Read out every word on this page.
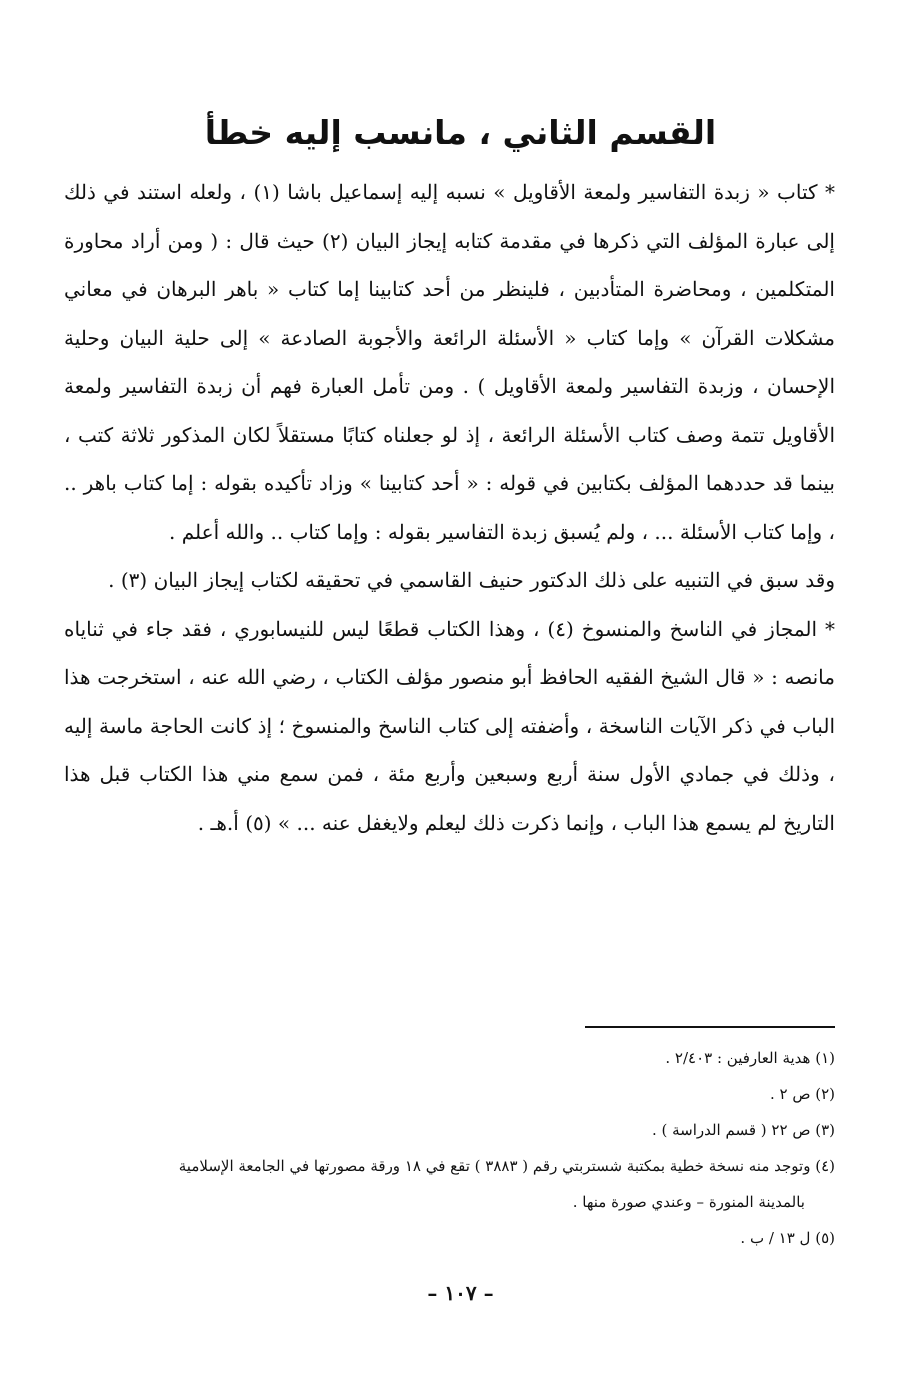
القسم الثاني ، مانسب إليه خطأ

* كتاب « زبدة التفاسير ولمعة الأقاويل » نسبه إليه إسماعيل باشا (١) ، ولعله استند في ذلك إلى عبارة المؤلف التي ذكرها في مقدمة كتابه إيجاز البيان (٢) حيث قال : ( ومن أراد محاورة المتكلمين ، ومحاضرة المتأدبين ، فلينظر من أحد كتابينا إما كتاب « باهر البرهان في معاني مشكلات القرآن » وإما كتاب « الأسئلة الرائعة والأجوبة الصادعة » إلى حلية البيان وحلية الإحسان ، وزبدة التفاسير ولمعة الأقاويل ) . ومن تأمل العبارة فهم أن زبدة التفاسير ولمعة الأقاويل تتمة وصف كتاب الأسئلة الرائعة ، إذ لو جعلناه كتابًا مستقلاً لكان المذكور ثلاثة كتب ، بينما قد حددهما المؤلف بكتابين في قوله : « أحد كتابينا » وزاد تأكيده بقوله : إما كتاب باهر .. ، وإما كتاب الأسئلة ... ، ولم يُسبق زبدة التفاسير بقوله : وإما كتاب .. والله أعلم .

وقد سبق في التنبيه على ذلك الدكتور حنيف القاسمي في تحقيقه لكتاب إيجاز البيان (٣) .

* المجاز في الناسخ والمنسوخ (٤) ، وهذا الكتاب قطعًا ليس للنيسابوري ، فقد جاء في ثناياه مانصه : « قال الشيخ الفقيه الحافظ أبو منصور مؤلف الكتاب ، رضي الله عنه ، استخرجت هذا الباب في ذكر الآيات الناسخة ، وأضفته إلى كتاب الناسخ والمنسوخ ؛ إذ كانت الحاجة ماسة إليه ، وذلك في جمادي الأول سنة أربع وسبعين وأربع مئة ، فمن سمع مني هذا الكتاب قبل هذا التاريخ لم يسمع هذا الباب ، وإنما ذكرت ذلك ليعلم ولايغفل عنه ... » (٥) أ.هـ .

(١) هدية العارفين : ٢/٤٠٣ .
(٢) ص ٢ .
(٣) ص ٢٢ ( قسم الدراسة ) .
(٤) وتوجد منه نسخة خطية بمكتبة شستربتي رقم ( ٣٨٨٣ ) تقع في ١٨ ورقة مصورتها في الجامعة الإسلامية
بالمدينة المنورة – وعندي صورة منها .
(٥) ل ١٣ / ب .
– ١٠٧ –
